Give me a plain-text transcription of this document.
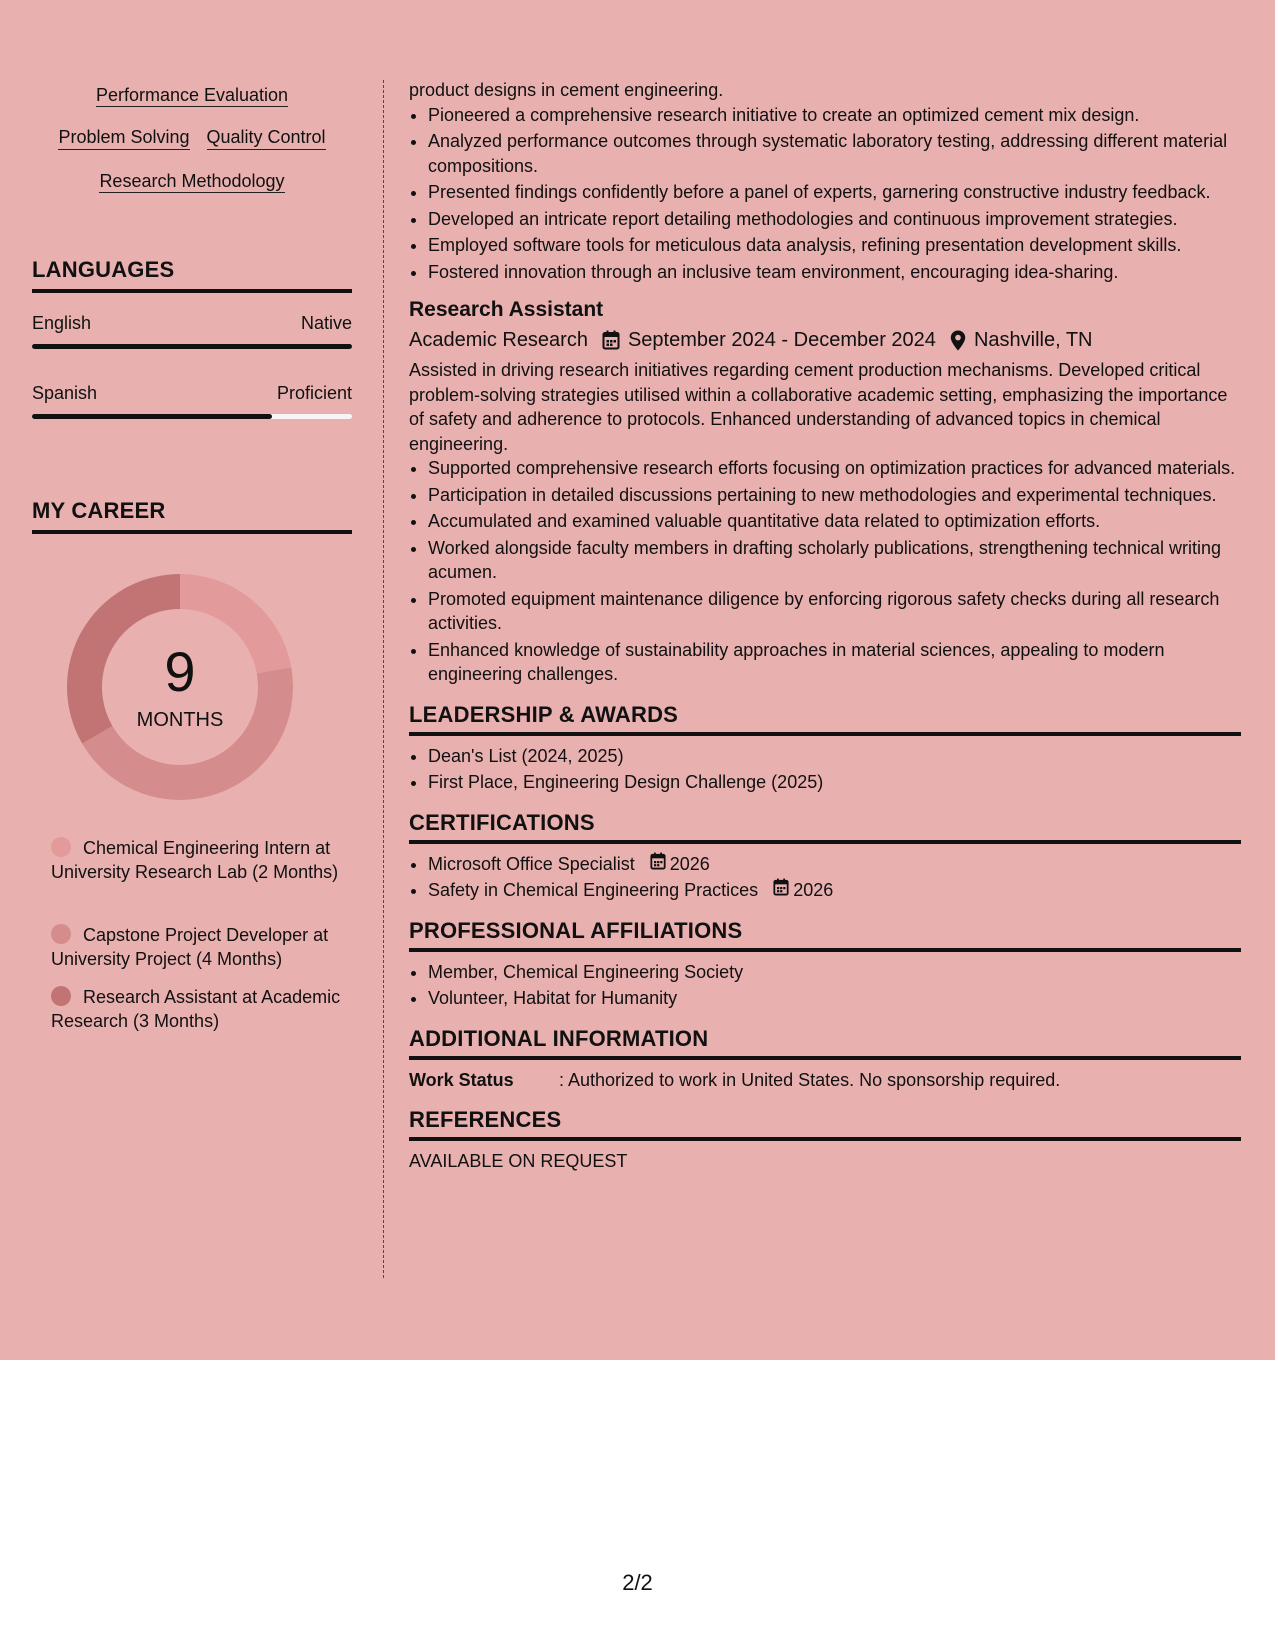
Performance Evaluation
Problem Solving Quality Control
Research Methodology
LANGUAGES
English	Native
Spanish	Proficient
MY CAREER
9
MONTHS
Chemical Engineering Intern at University Research Lab (2 Months)
Capstone Project Developer at University Project (4 Months)
Research Assistant at Academic Research (3 Months)

product designs in cement engineering.

• Pioneered a comprehensive research initiative to create an optimized cement mix design.
• Analyzed performance outcomes through systematic laboratory testing, addressing different material compositions.
• Presented findings confidently before a panel of experts, garnering constructive industry feedback.
• Developed an intricate report detailing methodologies and continuous improvement strategies.
• Employed software tools for meticulous data analysis, refining presentation development skills.
• Fostered innovation through an inclusive team environment, encouraging idea-sharing.
Research Assistant
Academic Research September 2024 - December 2024 Nashville, TN

Assisted in driving research initiatives regarding cement production mechanisms. Developed critical problem-solving strategies utilised within a collaborative academic setting, emphasizing the importance of safety and adherence to protocols. Enhanced understanding of advanced topics in chemical engineering.

• Supported comprehensive research efforts focusing on optimization practices for advanced materials.
• Participation in detailed discussions pertaining to new methodologies and experimental techniques.
• Accumulated and examined valuable quantitative data related to optimization efforts.
• Worked alongside faculty members in drafting scholarly publications, strengthening technical writing acumen.
• Promoted equipment maintenance diligence by enforcing rigorous safety checks during all research activities.
• Enhanced knowledge of sustainability approaches in material sciences, appealing to modern engineering challenges.
LEADERSHIP & AWARDS
• Dean's List (2024, 2025)
• First Place, Engineering Design Challenge (2025)
CERTIFICATIONS
• Microsoft Office Specialist 2026
• Safety in Chemical Engineering Practices 2026
PROFESSIONAL AFFILIATIONS
• Member, Chemical Engineering Society
• Volunteer, Habitat for Humanity
ADDITIONAL INFORMATION
Work Status	: Authorized to work in United States. No sponsorship required.
REFERENCES

AVAILABLE ON REQUEST

2/2
